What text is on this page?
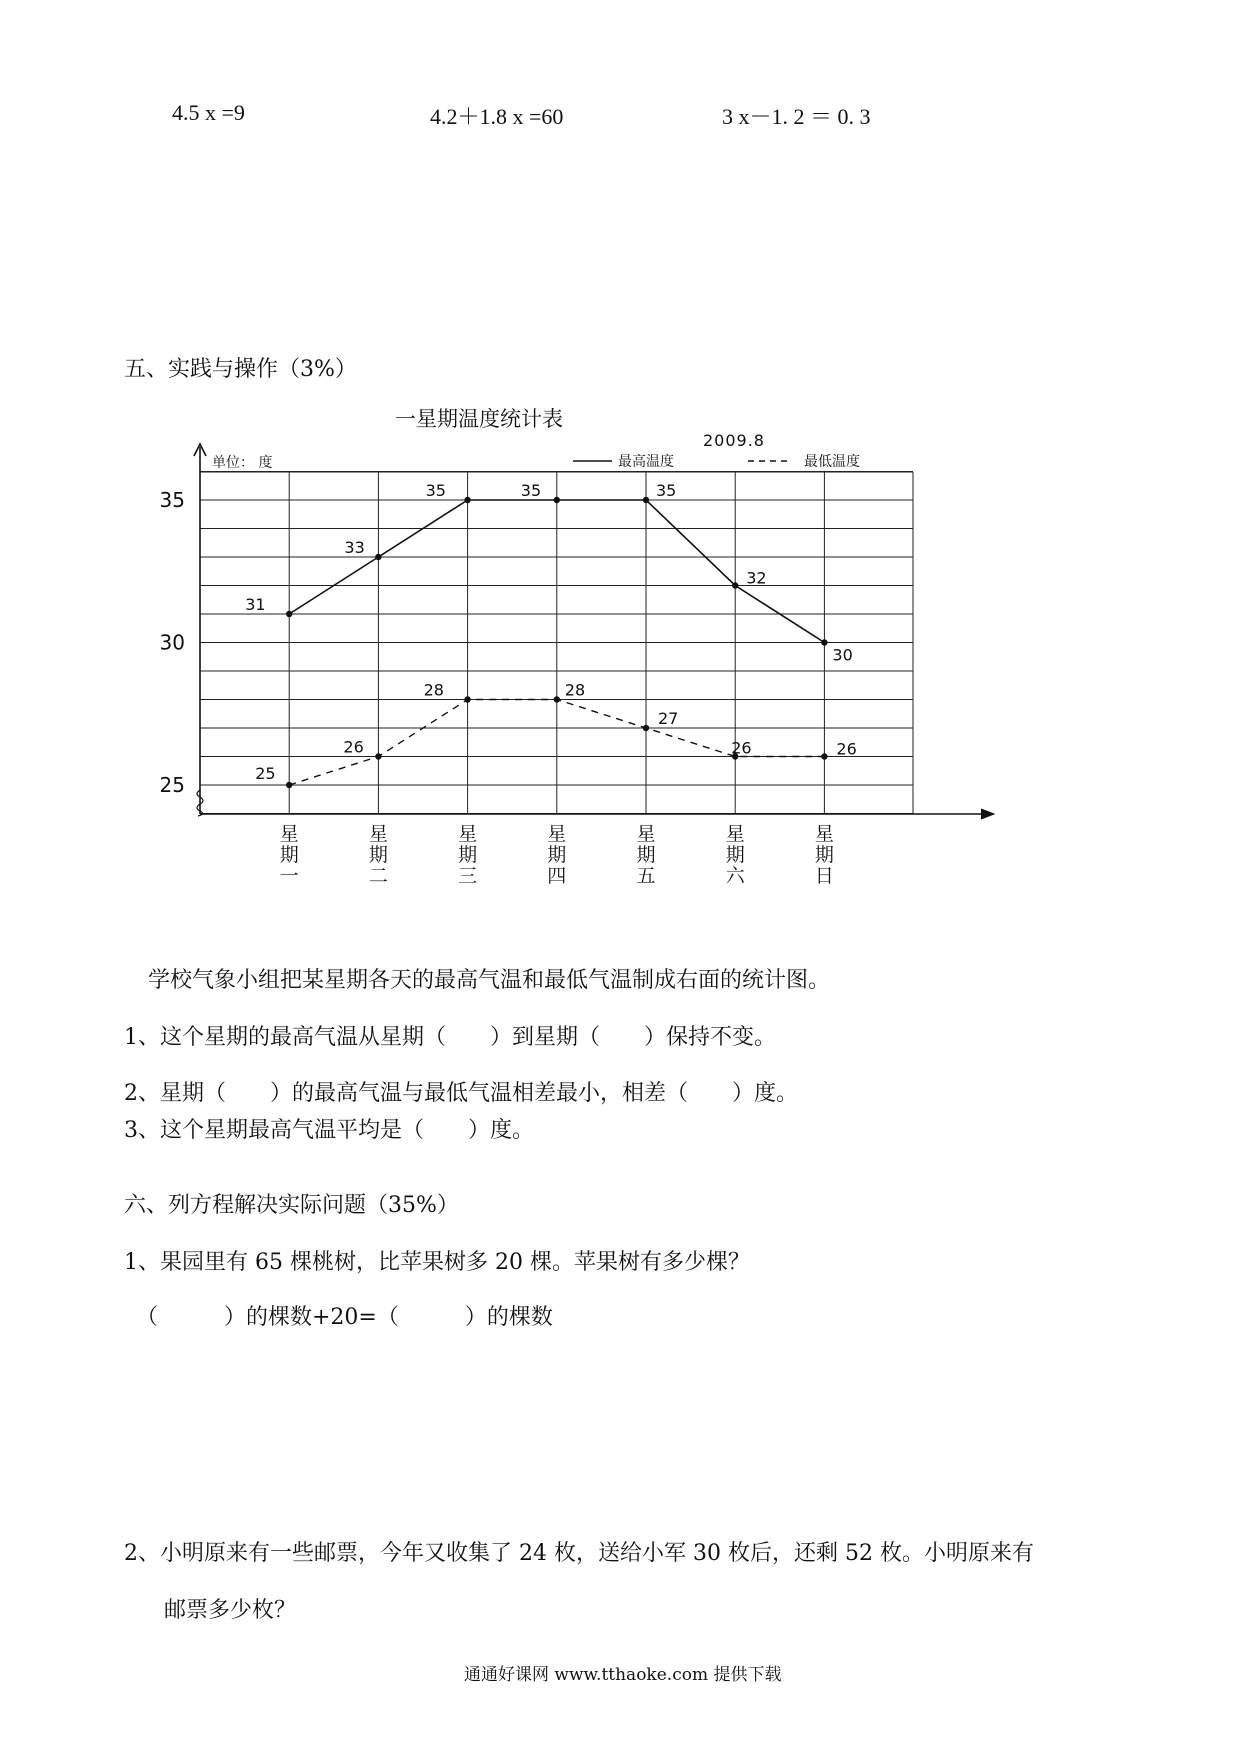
4.5 x =9	4.2＋1.8 x =60	3 x－1. 2 ＝ 0. 3
五、实践与操作（3%）
31
33
35	35	35
32
30
25
26
28	28
27
26	26
一星期温度统计表
2009.8
单位： 度	最高温度	最低温度
25
30
35
星
期
一
星
期
二
星
期
三
星
期
四
星
期
五
星
期
六
星
期
日
学校气象小组把某星期各天的最高气温和最低气温制成右面的统计图。
1、这个星期的最高气温从星期（　　）到星期（　　）保持不变。
2、星期（　　）的最高气温与最低气温相差最小，相差（　　）度。
3、这个星期最高气温平均是（　　）度。
六、列方程解决实际问题（35%）
1、果园里有 65 棵桃树，比苹果树多 20 棵。苹果树有多少棵？
（　　　）的棵数+20=（　　　）的棵数
2、小明原来有一些邮票，今年又收集了 24 枚，送给小军 30 枚后，还剩 52 枚。小明原来有
邮票多少枚？
通通好课网 www.tthaoke.com 提供下载
